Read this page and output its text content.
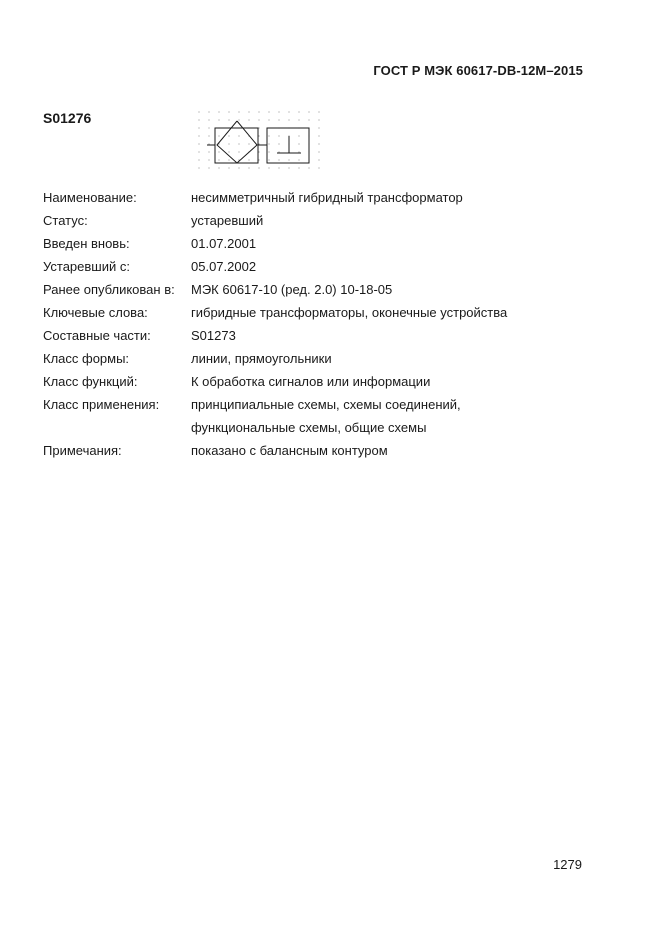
ГОСТ Р МЭК 60617-DB-12M–2015
S01276
Наименование:	несимметричный гибридный трансформатор
Статус:	устаревший
Введен вновь:	01.07.2001
Устаревший с:	05.07.2002
Ранее опубликован в:	МЭК 60617-10 (ред. 2.0) 10-18-05
Ключевые слова:	гибридные трансформаторы, оконечные устройства
Составные части:	S01273
Класс формы:	линии, прямоугольники
Класс функций:	К обработка сигналов или информации
Класс применения:	принципиальные схемы, схемы соединений,
функциональные схемы, общие схемы
Примечания:	показано с балансным контуром
1279
